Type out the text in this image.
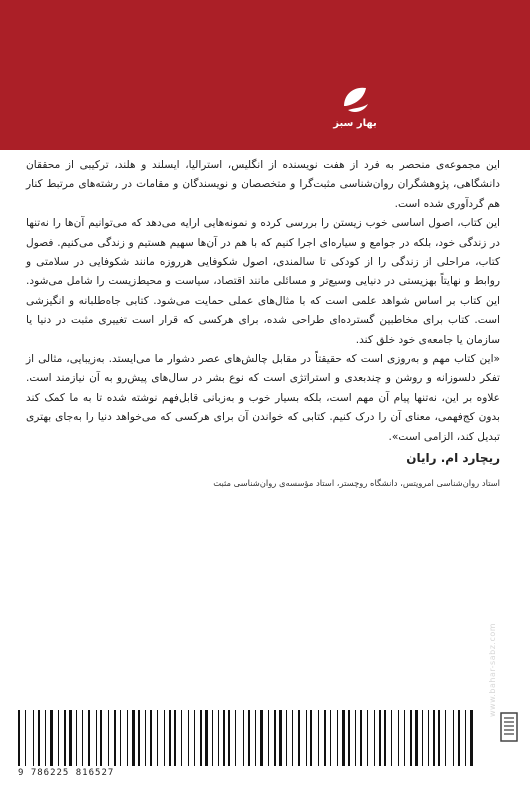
بهار سبز

این مجموعه‌ی منحصر به فرد از هفت نویسنده از انگلیس، استرالیا، ایسلند و هلند، ترکیبی از محققان دانشگاهی، پژوهشگران روان‌شناسی مثبت‌گرا و متخصصان و نویسندگان و مقامات در رشته‌های مرتبط کنار هم گردآوری شده است.

این کتاب، اصول اساسی خوب زیستن را بررسی کرده و نمونه‌هایی ارایه می‌دهد که می‌توانیم آن‌ها را نه‌تنها در زندگی خود، بلکه در جوامع و سیاره‌ای اجرا کنیم که با هم در آن‌ها سهیم هستیم و زندگی می‌کنیم. فصول کتاب، مراحلی از زندگی را از کودکی تا سالمندی، اصول شکوفایی هرروزه مانند شکوفایی در سلامتی و روابط و نهایتاً بهزیستی در دنیایی وسیع‌تر و مسائلی مانند اقتصاد، سیاست و محیط‌زیست را شامل می‌شود. این کتاب بر اساس شواهد علمی است که با مثال‌های عملی حمایت می‌شود. کتابی جاه‌طلبانه و انگیزشی است. کتاب برای مخاطبین گسترده‌ای طراحی شده، برای هرکسی که قرار است تغییری مثبت در دنیا یا سازمان یا جامعه‌ی خود خلق کند.

«این کتاب مهم و به‌روزی است که حقیقتاً در مقابل چالش‌های عصر دشوار ما می‌ایستد. به‌زیبایی، مثالی از تفکر دلسوزانه و روشن و چندبعدی و استراتژی است که نوع بشر در سال‌های پیش‌رو به آن نیازمند است. علاوه بر این، نه‌تنها پیام آن مهم است، بلکه بسیار خوب و به‌زبانی قابل‌فهم نوشته شده تا به ما کمک کند بدون کج‌فهمی، معنای آن را درک کنیم. کتابی که خواندن آن برای هرکسی که می‌خواهد دنیا را به‌جای بهتری تبدیل کند، الزامی است».

ریچارد ام. رایان
استاد روان‌شناسی امرویتس، دانشگاه روچستر، استاد مؤسسه‌ی روان‌شناسی مثبت
www.bahar-sabz.com
9 786225 816527
